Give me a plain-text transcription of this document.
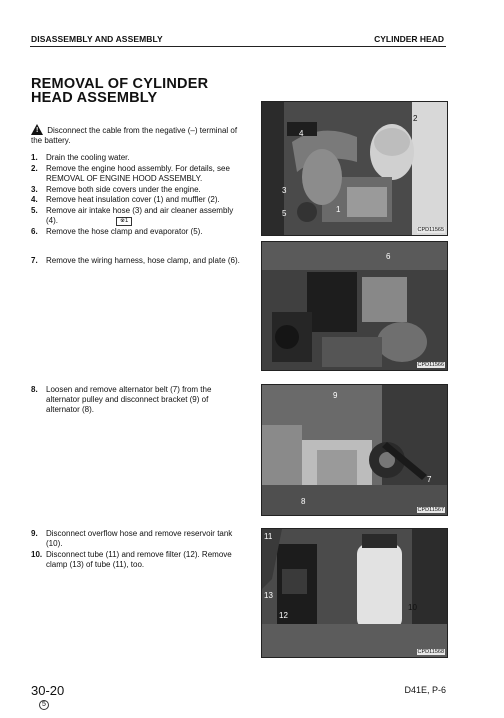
DISASSEMBLY AND ASSEMBLY	CYLINDER HEAD
REMOVAL OF CYLINDER HEAD ASSEMBLY
! Disconnect the cable from the negative (–) terminal of the battery.
1. Drain the cooling water.
2. Remove the engine hood assembly. For details, see REMOVAL OF ENGINE HOOD ASSEMBLY.
3. Remove both side covers under the engine.
4. Remove heat insulation cover (1) and muffler (2).
5. Remove air intake hose (3) and air cleaner assembly (4).	※1
6. Remove the hose clamp and evaporator (5).
7. Remove the wiring harness, hose clamp, and plate (6).
8. Loosen and remove alternator belt (7) from the alternator pulley and disconnect bracket (9) of alternator (8).
9. Disconnect overflow hose and remove reservoir tank (10).
10. Disconnect tube (11) and remove filter (12). Remove clamp (13) of tube (11), too.
4
2
3
1
5
CPD11565
6
CPD11566
9
7
8
CPD11567
11
13
12
10
CPD11568
30-20
5
D41E, P-6
